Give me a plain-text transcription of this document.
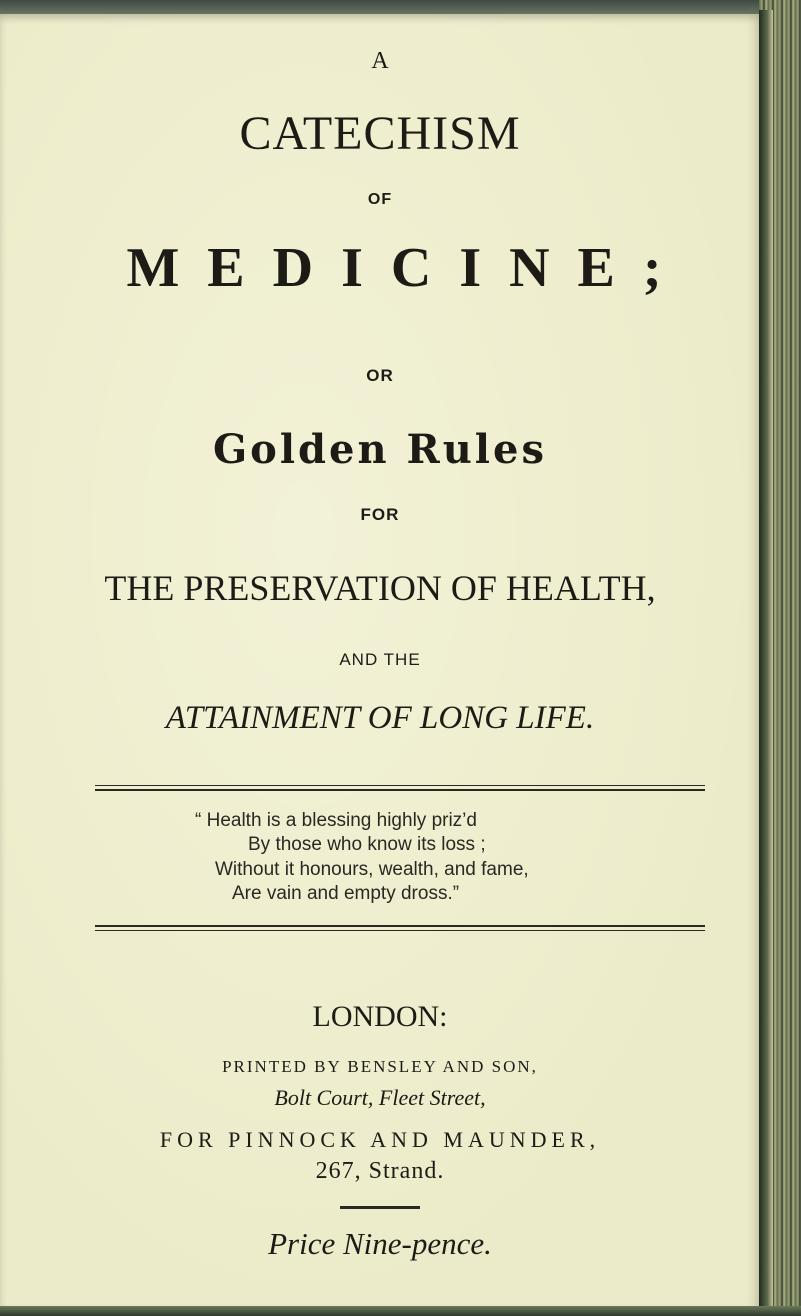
A
CATECHISM
OF
MEDICINE;
OR
Golden Rules
FOR
THE PRESERVATION OF HEALTH,
AND THE
ATTAINMENT OF LONG LIFE.
“ Health is a blessing highly priz’d
By those who know its loss ;
Without it honours, wealth, and fame,
Are vain and empty dross.”
LONDON:
PRINTED BY BENSLEY AND SON,
Bolt Court, Fleet Street,
FOR PINNOCK AND MAUNDER,
267, Strand.
Price Nine-pence.
